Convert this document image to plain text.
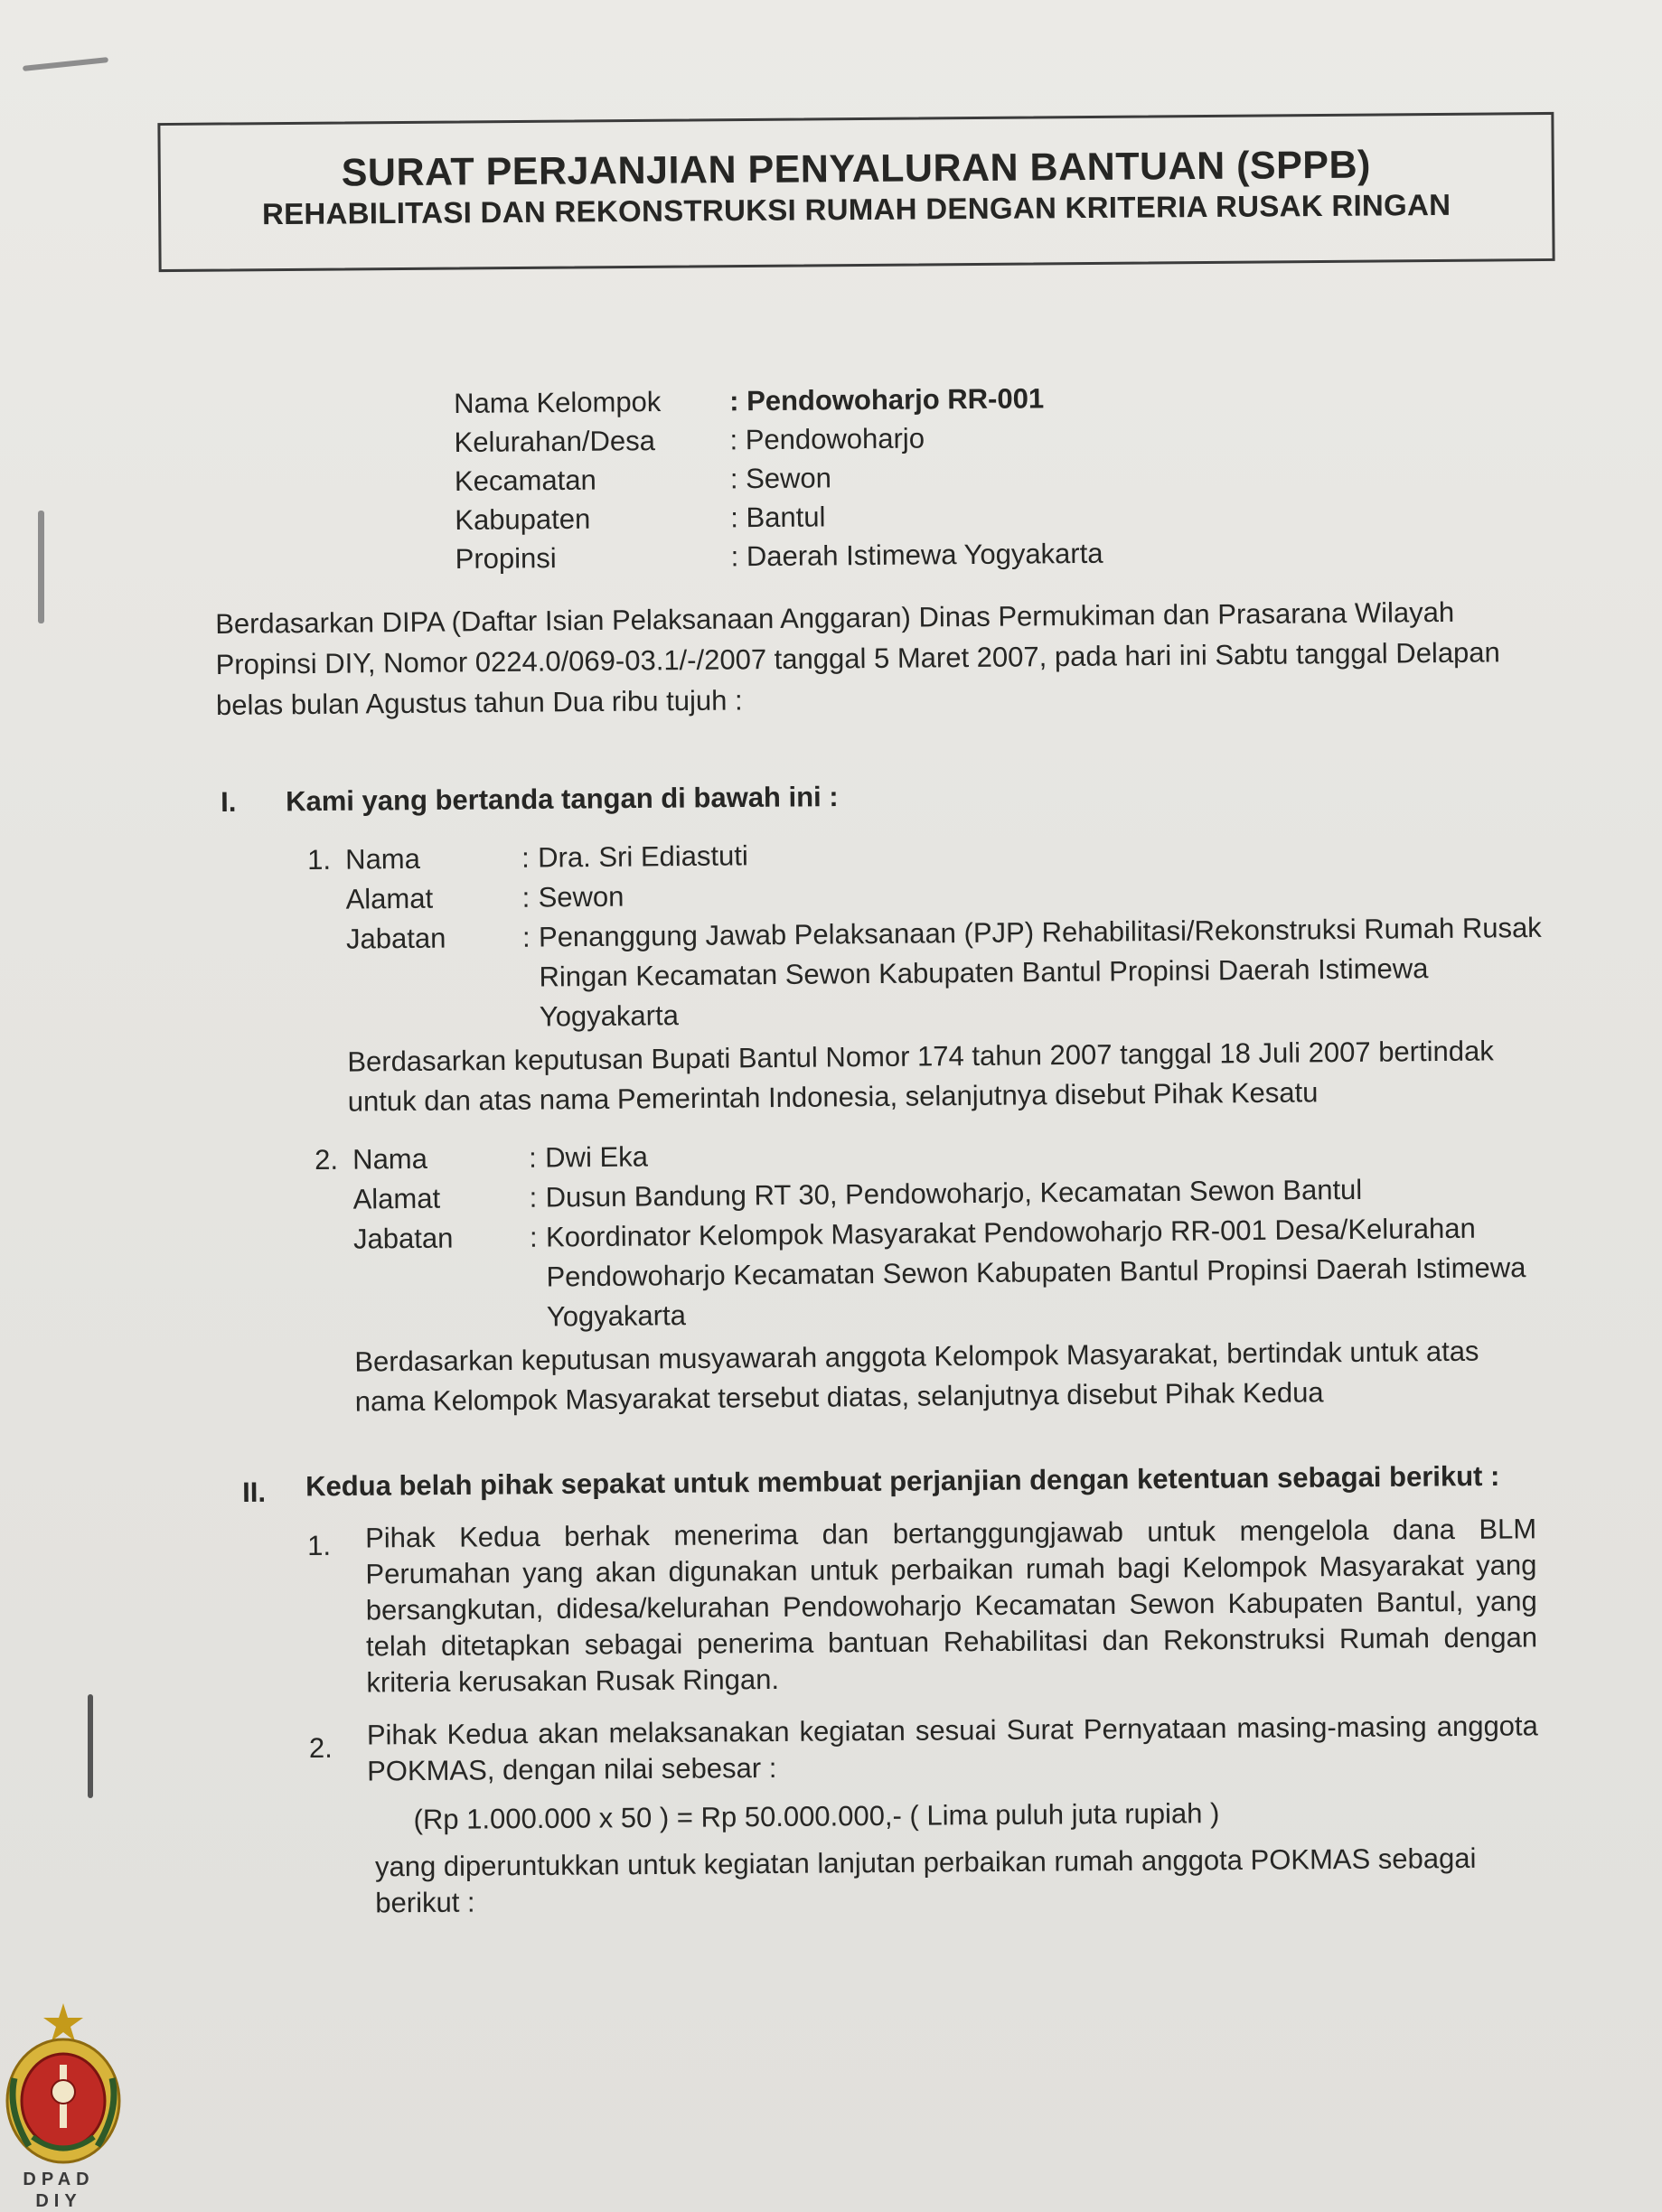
SURAT PERJANJIAN PENYALURAN BANTUAN (SPPB)
REHABILITASI DAN REKONSTRUKSI RUMAH DENGAN KRITERIA RUSAK RINGAN
Nama Kelompok	: Pendowoharjo RR-001
Kelurahan/Desa	: Pendowoharjo
Kecamatan	: Sewon
Kabupaten	: Bantul
Propinsi	: Daerah Istimewa Yogyakarta
Berdasarkan DIPA (Daftar Isian Pelaksanaan Anggaran) Dinas Permukiman dan Prasarana Wilayah Propinsi DIY, Nomor 0224.0/069-03.1/-/2007 tanggal 5 Maret 2007, pada hari ini Sabtu tanggal Delapan belas bulan Agustus tahun Dua ribu tujuh :
I.	Kami yang bertanda tangan di bawah ini :
1. Nama	: Dra. Sri Ediastuti
Alamat	: Sewon
Jabatan	: Penanggung Jawab Pelaksanaan (PJP) Rehabilitasi/Rekonstruksi Rumah Rusak Ringan Kecamatan Sewon Kabupaten Bantul Propinsi Daerah Istimewa Yogyakarta
Berdasarkan keputusan Bupati Bantul Nomor 174 tahun 2007 tanggal 18 Juli 2007 bertindak untuk dan atas nama Pemerintah Indonesia, selanjutnya disebut Pihak Kesatu
2. Nama	: Dwi Eka
Alamat	: Dusun Bandung RT 30, Pendowoharjo, Kecamatan Sewon Bantul
Jabatan	: Koordinator Kelompok Masyarakat Pendowoharjo RR-001 Desa/Kelurahan Pendowoharjo Kecamatan Sewon Kabupaten Bantul Propinsi Daerah Istimewa Yogyakarta
Berdasarkan keputusan musyawarah anggota Kelompok Masyarakat, bertindak untuk atas nama Kelompok Masyarakat tersebut diatas, selanjutnya disebut Pihak Kedua
II.	Kedua belah pihak sepakat untuk membuat perjanjian dengan ketentuan sebagai berikut :
1.	Pihak Kedua berhak menerima dan bertanggungjawab untuk mengelola dana BLM Perumahan yang akan digunakan untuk perbaikan rumah bagi Kelompok Masyarakat yang bersangkutan, didesa/kelurahan Pendowoharjo Kecamatan Sewon Kabupaten Bantul, yang telah ditetapkan sebagai penerima bantuan Rehabilitasi dan Rekonstruksi Rumah dengan kriteria kerusakan Rusak Ringan.
2.	Pihak Kedua akan melaksanakan kegiatan sesuai Surat Pernyataan masing-masing anggota POKMAS, dengan nilai sebesar :
(Rp 1.000.000 x 50 ) = Rp 50.000.000,- ( Lima puluh juta rupiah )
yang diperuntukkan untuk kegiatan lanjutan perbaikan rumah anggota POKMAS sebagai berikut :
DPAD
DIY
